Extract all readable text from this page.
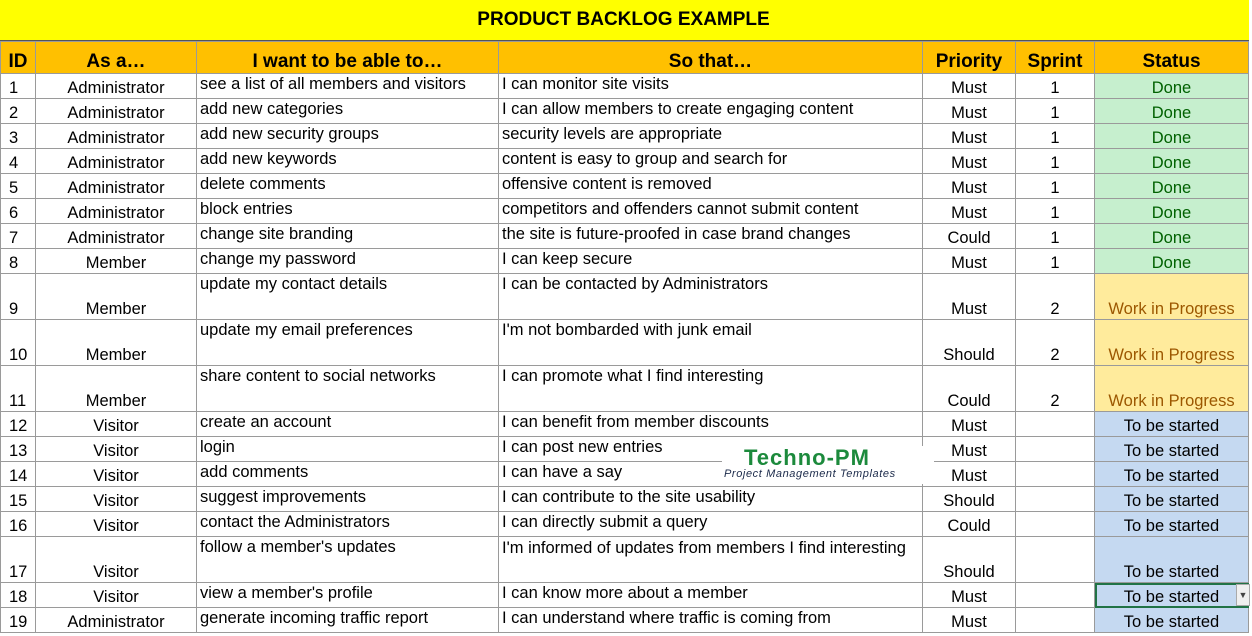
PRODUCT BACKLOG EXAMPLE
ID	As a…	I want to be able to…	So that…	Priority	Sprint	Status
1	Administrator	see a list of all members and visitors	I can monitor site visits	Must	1	Done
2	Administrator	add new categories	I can allow members to create engaging content	Must	1	Done
3	Administrator	add new security groups	security levels are appropriate	Must	1	Done
4	Administrator	add new keywords	content is easy to group and search for	Must	1	Done
5	Administrator	delete comments	offensive content is removed	Must	1	Done
6	Administrator	block entries	competitors and offenders cannot submit content	Must	1	Done
7	Administrator	change site branding	the site is future-proofed in case brand changes	Could	1	Done
8	Member	change my password	I can keep secure	Must	1	Done
9	Member	update my contact details	I can be contacted by Administrators	Must	2	Work in Progress
10	Member	update my email preferences	I'm not bombarded with junk email	Should	2	Work in Progress
11	Member	share content to social networks	I can promote what I find interesting	Could	2	Work in Progress
12	Visitor	create an account	I can benefit from member discounts	Must		To be started
13	Visitor	login	I can post new entries	Must		To be started
14	Visitor	add comments	I can have a say	Must		To be started
15	Visitor	suggest improvements	I can contribute to the site usability	Should		To be started
16	Visitor	contact the Administrators	I can directly submit a query	Could		To be started
17	Visitor	follow a member's updates	I'm informed of updates from members I find interesting	Should		To be started
18	Visitor	view a member's profile	I can know more about a member	Must		To be started
19	Administrator	generate incoming traffic report	I can understand where traffic is coming from	Must		To be started
Techno-PM
Project Management Templates
▼
